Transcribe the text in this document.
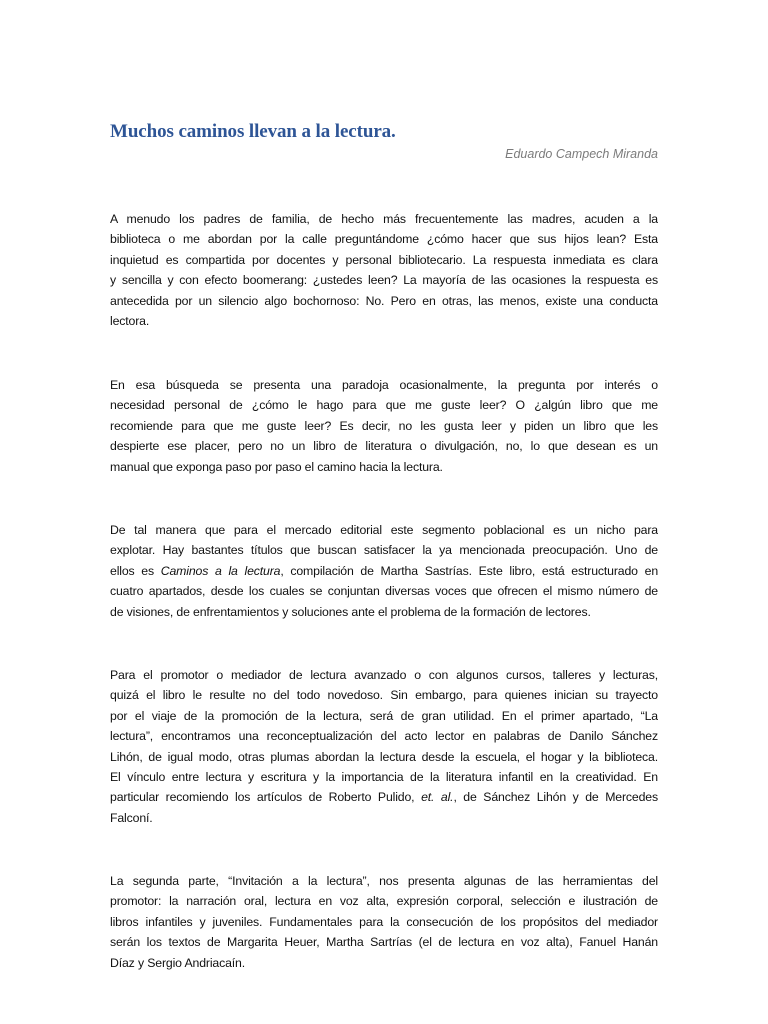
Muchos caminos llevan a la lectura.
Eduardo Campech Miranda

A menudo los padres de familia, de hecho más frecuentemente las madres, acuden a la
biblioteca o me abordan por la calle preguntándome ¿cómo hacer que sus hijos lean? Esta
inquietud es compartida por docentes y personal bibliotecario. La respuesta inmediata es clara
y sencilla y con efecto boomerang: ¿ustedes leen? La mayoría de las ocasiones la respuesta es
antecedida por un silencio algo bochornoso: No. Pero en otras, las menos, existe una conducta
lectora.

En esa búsqueda se presenta una paradoja ocasionalmente, la pregunta por interés o
necesidad personal de ¿cómo le hago para que me guste leer? O ¿algún libro que me
recomiende para que me guste leer? Es decir, no les gusta leer y piden un libro que les
despierte ese placer, pero no un libro de literatura o divulgación, no, lo que desean es un
manual que exponga paso por paso el camino hacia la lectura.

De tal manera que para el mercado editorial este segmento poblacional es un nicho para
explotar. Hay bastantes títulos que buscan satisfacer la ya mencionada preocupación. Uno de
ellos es Caminos a la lectura, compilación de Martha Sastrías. Este libro, está estructurado en
cuatro apartados, desde los cuales se conjuntan diversas voces que ofrecen el mismo número de
de visiones, de enfrentamientos y soluciones ante el problema de la formación de lectores.

Para el promotor o mediador de lectura avanzado o con algunos cursos, talleres y lecturas,
quizá el libro le resulte no del todo novedoso. Sin embargo, para quienes inician su trayecto
por el viaje de la promoción de la lectura, será de gran utilidad. En el primer apartado, “La
lectura”, encontramos una reconceptualización del acto lector en palabras de Danilo Sánchez
Lihón, de igual modo, otras plumas abordan la lectura desde la escuela, el hogar y la biblioteca.
El vínculo entre lectura y escritura y la importancia de la literatura infantil en la creatividad. En
particular recomiendo los artículos de Roberto Pulido, et. al., de Sánchez Lihón y de Mercedes
Falconí.

La segunda parte, “Invitación a la lectura”, nos presenta algunas de las herramientas del
promotor: la narración oral, lectura en voz alta, expresión corporal, selección e ilustración de
libros infantiles y juveniles. Fundamentales para la consecución de los propósitos del mediador
serán los textos de Margarita Heuer, Martha Sartrías (el de lectura en voz alta), Fanuel Hanán
Díaz y Sergio Andriacaín.
